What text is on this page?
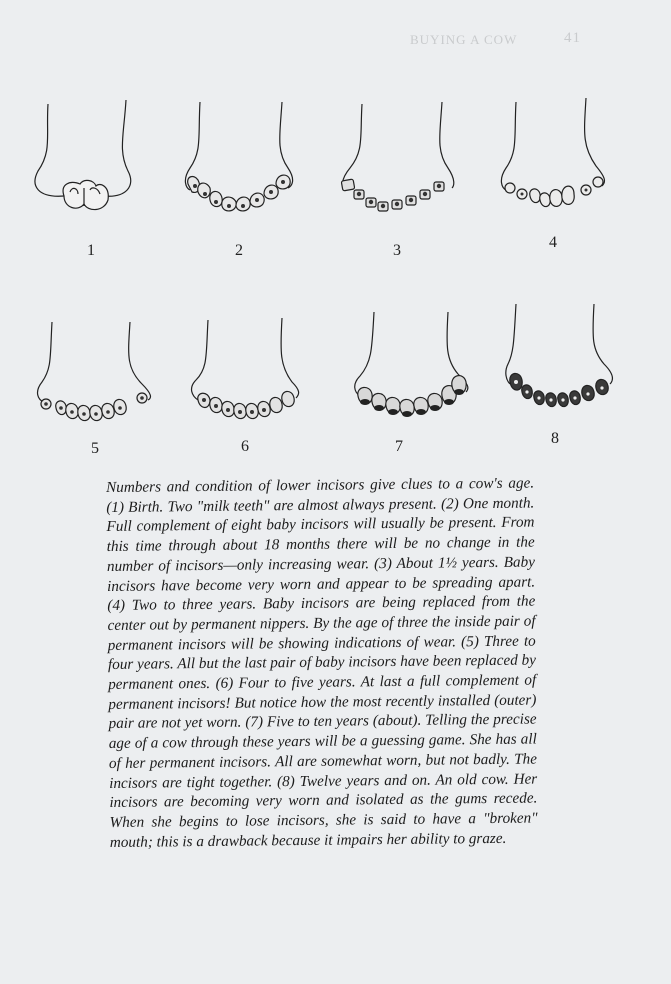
BUYING A COW	41
1	2	3	4
5	6	7	8
Numbers and condition of lower incisors give clues to a cow's age. (1) Birth. Two "milk teeth" are almost always present. (2) One month. Full complement of eight baby incisors will usually be present. From this time through about 18 months there will be no change in the number of incisors—only increasing wear. (3) About 1½ years. Baby incisors have become very worn and appear to be spreading apart. (4) Two to three years. Baby incisors are being replaced from the center out by permanent nippers. By the age of three the inside pair of permanent incisors will be showing indications of wear. (5) Three to four years. All but the last pair of baby incisors have been replaced by permanent ones. (6) Four to five years. At last a full complement of permanent incisors! But notice how the most recently installed (outer) pair are not yet worn. (7) Five to ten years (about). Telling the precise age of a cow through these years will be a guessing game. She has all of her permanent incisors. All are somewhat worn, but not badly. The incisors are tight together. (8) Twelve years and on. An old cow. Her incisors are becoming very worn and isolated as the gums recede. When she begins to lose incisors, she is said to have a "broken" mouth; this is a drawback because it impairs her ability to graze.
